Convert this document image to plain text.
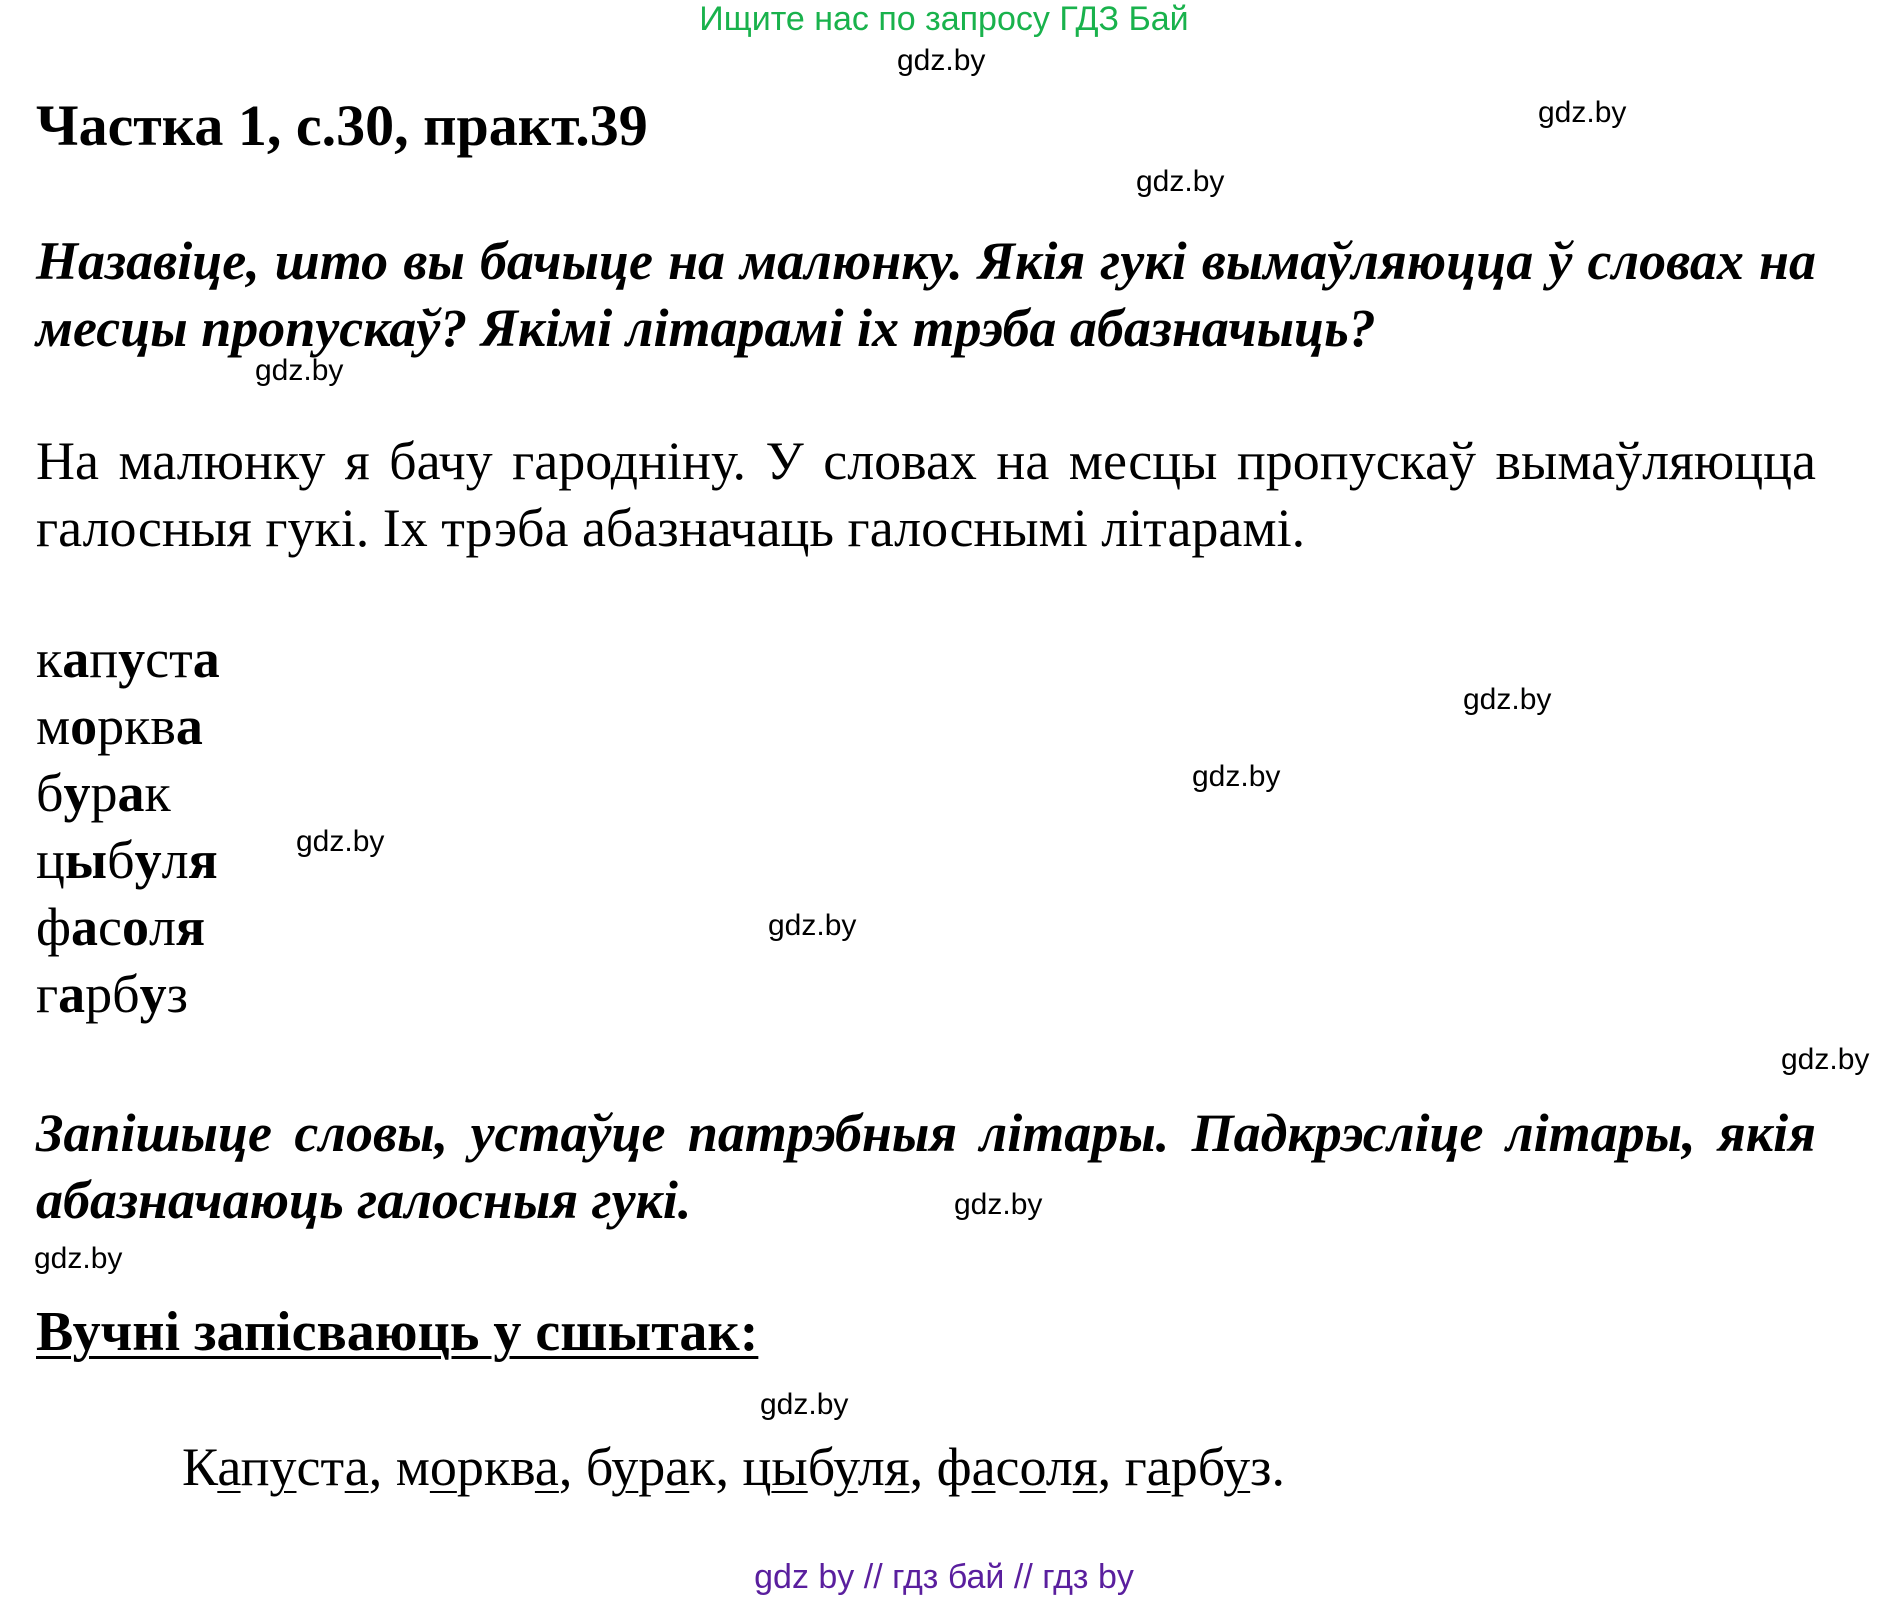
Ищите нас по запросу ГДЗ Бай
Частка 1, с.30, практ.39
Назавіце, што вы бачыце на малюнку. Якія гукі вымаўляюцца ў словах на месцы пропускаў? Якімі літарамі іх трэба абазначыць?
На малюнку я бачу гародніну. У словах на месцы пропускаў вымаўляюцца галосныя гукі. Іх трэба абазначаць галоснымі літарамі.
капуста
морква
бурак
цыбуля
фасоля
гарбуз
Запішыце словы, устаўце патрэбныя літары. Падкрэсліце літары, якія абазначаюць галосныя гукі.
Вучні запісваюць у сшытак:
Капуста, морква, бурак, цыбуля, фасоля, гарбуз.
gdz.by
gdz.by
gdz.by
gdz.by
gdz.by
gdz.by
gdz.by
gdz.by
gdz.by
gdz.by
gdz.by
gdz.by
gdz by // гдз бай // гдз by
